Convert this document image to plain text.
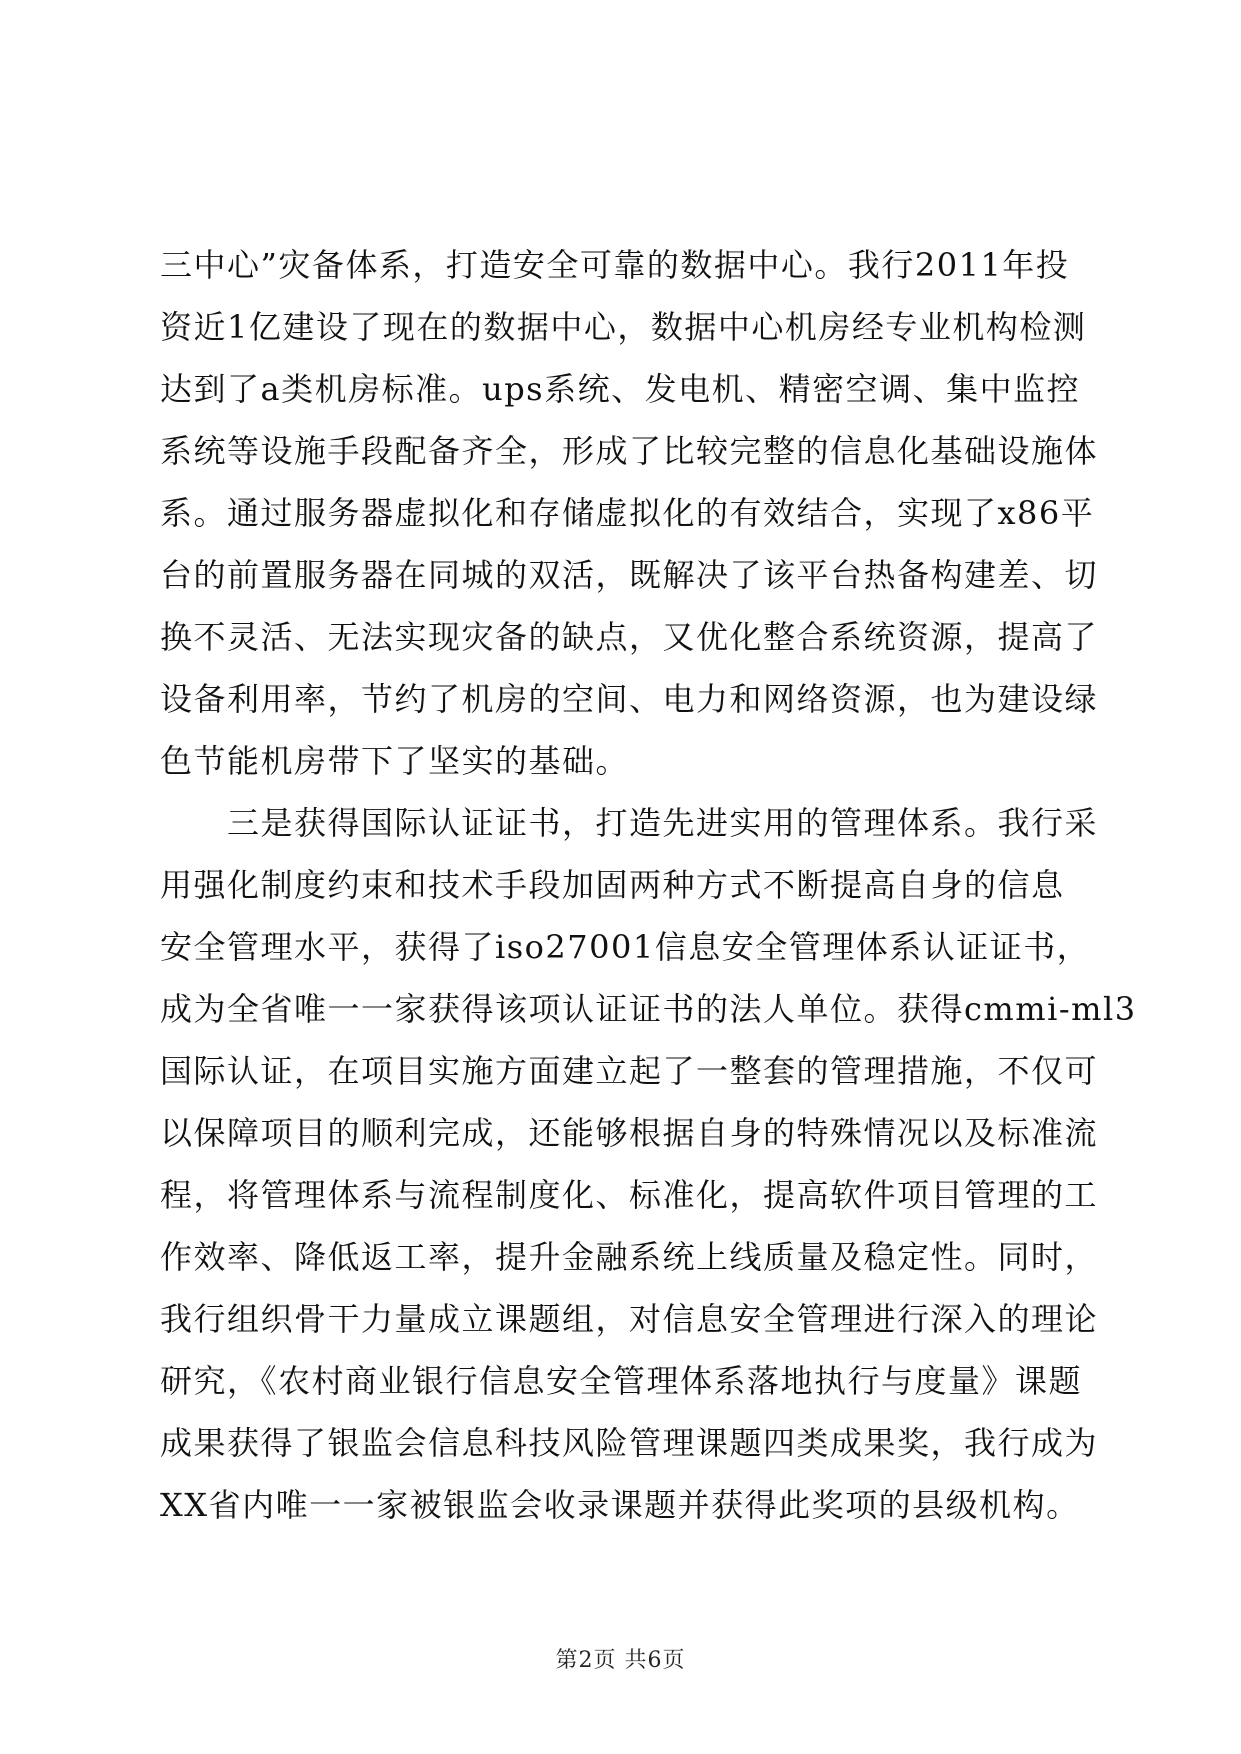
三中心”灾备体系，打造安全可靠的数据中心。我行2011年投
资近1亿建设了现在的数据中心，数据中心机房经专业机构检测
达到了a类机房标准。ups系统、发电机、精密空调、集中监控
系统等设施手段配备齐全，形成了比较完整的信息化基础设施体
系。通过服务器虚拟化和存储虚拟化的有效结合，实现了x86平
台的前置服务器在同城的双活，既解决了该平台热备构建差、切
换不灵活、无法实现灾备的缺点，又优化整合系统资源，提高了
设备利用率，节约了机房的空间、电力和网络资源，也为建设绿
色节能机房带下了坚实的基础。
　　三是获得国际认证证书，打造先进实用的管理体系。我行采
用强化制度约束和技术手段加固两种方式不断提高自身的信息
安全管理水平，获得了iso27001信息安全管理体系认证证书，
成为全省唯一一家获得该项认证证书的法人单位。获得cmmi-ml3
国际认证，在项目实施方面建立起了一整套的管理措施，不仅可
以保障项目的顺利完成，还能够根据自身的特殊情况以及标准流
程，将管理体系与流程制度化、标准化，提高软件项目管理的工
作效率、降低返工率，提升金融系统上线质量及稳定性。同时，
我行组织骨干力量成立课题组，对信息安全管理进行深入的理论
研究，《农村商业银行信息安全管理体系落地执行与度量》课题
成果获得了银监会信息科技风险管理课题四类成果奖，我行成为
XX省内唯一一家被银监会收录课题并获得此奖项的县级机构。
第2页 共6页
